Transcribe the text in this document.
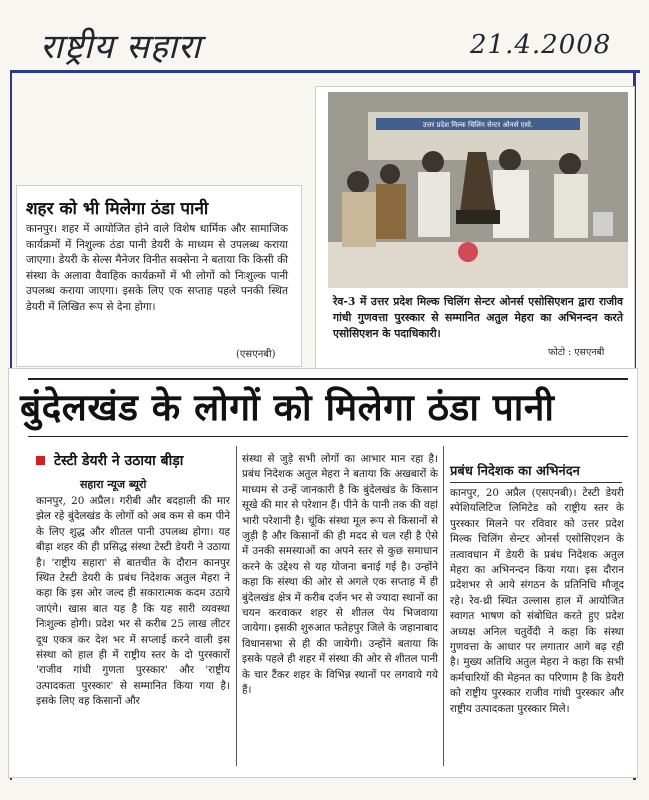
राष्ट्रीय सहारा	21.4.2008
शहर को भी मिलेगा ठंडा पानी

कानपुर। शहर में आयोजित होने वाले विशेष धार्मिक और सामाजिक कार्यक्रमों में निशुल्क ठंडा पानी डेयरी के माध्यम से उपलब्ध कराया जाएगा। डेयरी के सेल्स मैनेजर विनीत सक्सेना ने बताया कि किसी की संस्था के अलावा वैवाहिक कार्यक्रमों में भी लोगों को निःशुल्क पानी उपलब्ध कराया जाएगा। इसके लिए एक सप्ताह पहले पनकी स्थित डेयरी में लिखित रूप से देना होगा।

(एसएनबी)
उत्तर प्रदेश मिल्क चिलिंग सेन्टर ओनर्स एसो.
रेव-3 में उत्तर प्रदेश मिल्क चिलिंग सेन्टर ओनर्स एसोसिएशन द्वारा राजीव गांधी गुणवत्ता पुरस्कार से सम्मानित अतुल मेहरा का अभिनन्दन करते एसोसिएशन के पदाधिकारी।
फोटो : एसएनबी
बुंदेलखंड के लोगों को मिलेगा ठंडा पानी
टेस्टी डेयरी ने उठाया बीड़ा
सहारा न्यूज ब्यूरो
कानपुर, 20 अप्रैल। गरीबी और बदहाली की मार झेल रहे बुंदेलखंड के लोगों को अब कम से कम पीने के लिए शुद्ध और शीतल पानी उपलब्ध होगा। यह बीड़ा शहर की ही प्रसिद्ध संस्था टेस्टी डेयरी ने उठाया है। 'राष्ट्रीय सहारा' से बातचीत के दौरान कानपुर स्थित टेस्टी डेयरी के प्रबंध निदेशक अतुल मेहरा ने कहा कि इस ओर जल्द ही सकारात्मक कदम उठाये जाएंगे। खास बात यह है कि यह सारी व्यवस्था निःशुल्क होगी। प्रदेश भर से करीब 25 लाख लीटर दूध एकत्र कर देश भर में सप्लाई करने वाली इस संस्था को हाल ही में राष्ट्रीय स्तर के दो पुरस्कारों 'राजीव गांधी गुणता पुरस्कार' और 'राष्ट्रीय उत्पादकता पुरस्कार' से सम्मानित किया गया है। इसके लिए वह किसानों और
संस्था से जुड़े सभी लोगों का आभार मान रहा है। प्रबंध निदेशक अतुल मेहरा ने बताया कि अखबारों के माध्यम से उन्हें जानकारी है कि बुंदेलखंड के किसान सूखे की मार से परेशान हैं। पीने के पानी तक की वहां भारी परेशानी है। चूंकि संस्था मूल रूप से किसानों से जुड़ी है और किसानों की ही मदद से चल रही है ऐसे में उनकी समस्याओं का अपने स्तर से कुछ समाधान करने के उद्देश्य से यह योजना बनाई गई है। उन्होंने कहा कि संस्था की ओर से अगले एक सप्ताह में ही बुंदेलखंड क्षेत्र में करीब दर्जन भर से ज्यादा स्थानों का चयन करवाकर शहर से शीतल पेय भिजवाया जायेगा। इसकी शुरुआत फतेहपुर जिले के जहानाबाद विधानसभा से ही की जायेगी। उन्होंने बताया कि इसके पहले ही शहर में संस्था की ओर से शीतल पानी के चार टैंकर शहर के विभिन्न स्थानों पर लगवाये गये हैं।
प्रबंध निदेशक का अभिनंदन
कानपुर, 20 अप्रैल (एसएनबी)। टेस्टी डेयरी स्पेशियलिटिज लिमिटेड को राष्ट्रीय स्तर के पुरस्कार मिलने पर रविवार को उत्तर प्रदेश मिल्क चिलिंग सेन्टर ओनर्स एसोसिएशन के तत्वावधान में डेयरी के प्रबंध निदेशक अतुल मेहरा का अभिनन्दन किया गया। इस दौरान प्रदेशभर से आये संगठन के प्रतिनिधि मौजूद रहे। रेव-थ्री स्थित उल्लास हाल में आयोजित स्वागत भाषण को संबोधित करते हुए प्रदेश अध्यक्ष अनिल चतुर्वेदी ने कहा कि संस्था गुणवत्ता के आधार पर लगातार आगे बढ़ रही है। मुख्य अतिथि अतुल मेहरा ने कहा कि सभी कर्मचारियों की मेहनत का परिणाम है कि डेयरी को राष्ट्रीय पुरस्कार राजीव गांधी पुरस्कार और राष्ट्रीय उत्पादकता पुरस्कार मिले।
